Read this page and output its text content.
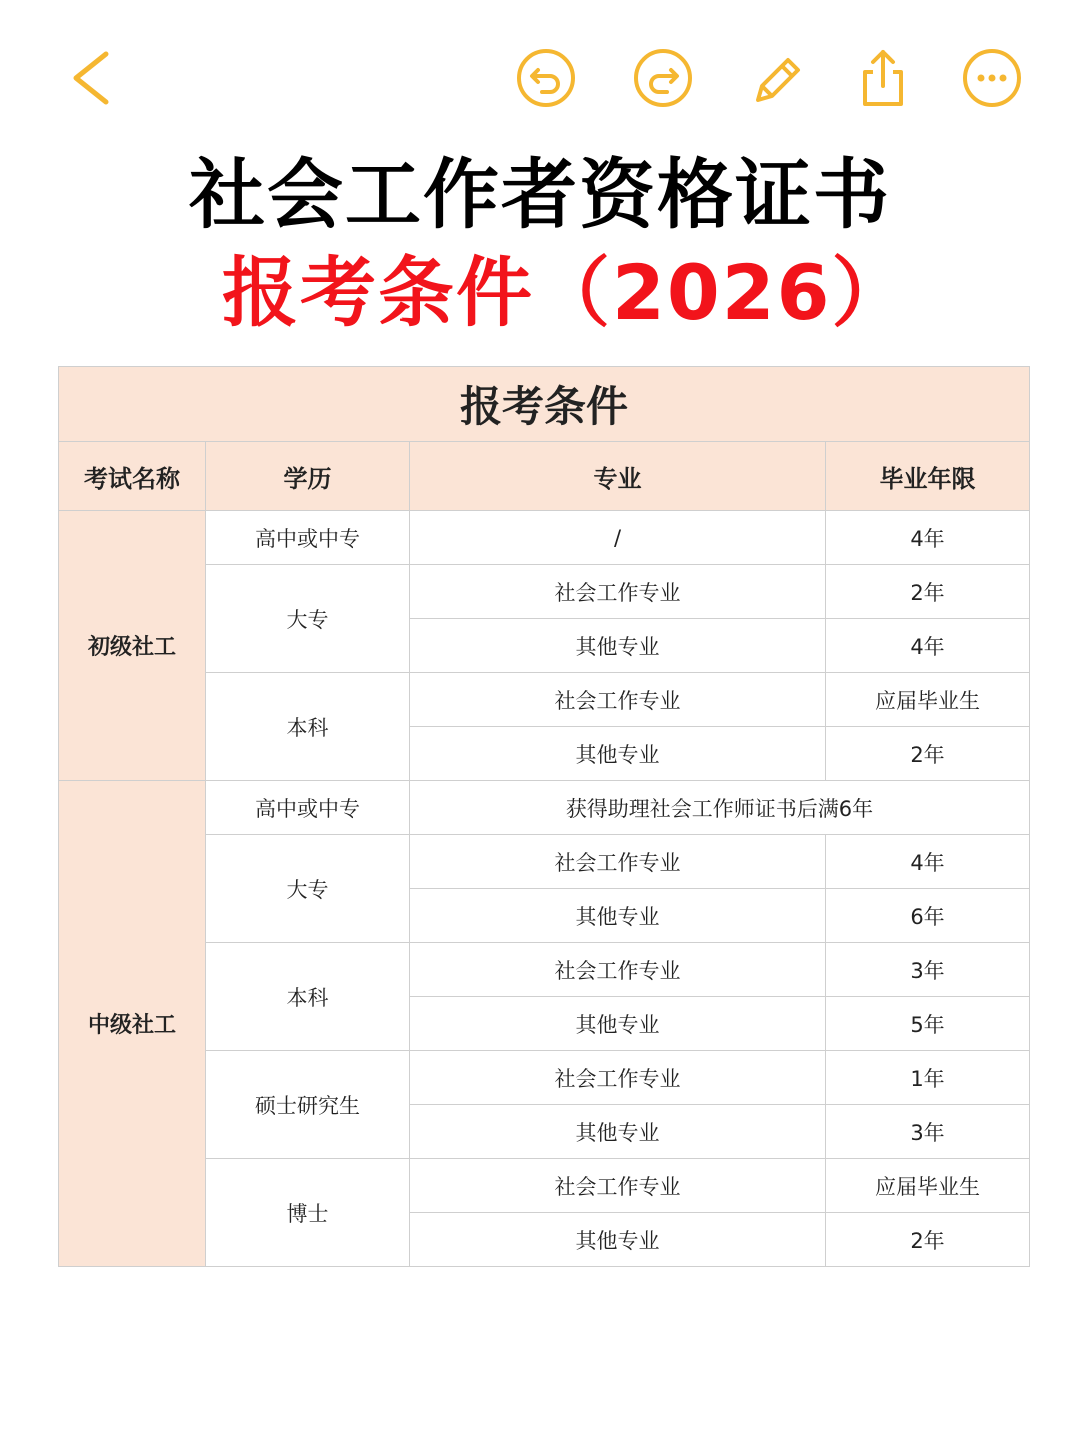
社会工作者资格证书
报考条件（2026）
报考条件			
考试名称	学历	专业	毕业年限
初级社工	高中或中专	/	4年
	大专	社会工作专业	2年
		其他专业	4年
	本科	社会工作专业	应届毕业生
		其他专业	2年
中级社工	高中或中专	获得助理社会工作师证书后满6年	
	大专	社会工作专业	4年
		其他专业	6年
	本科	社会工作专业	3年
		其他专业	5年
	硕士研究生	社会工作专业	1年
		其他专业	3年
	博士	社会工作专业	应届毕业生
		其他专业	2年
